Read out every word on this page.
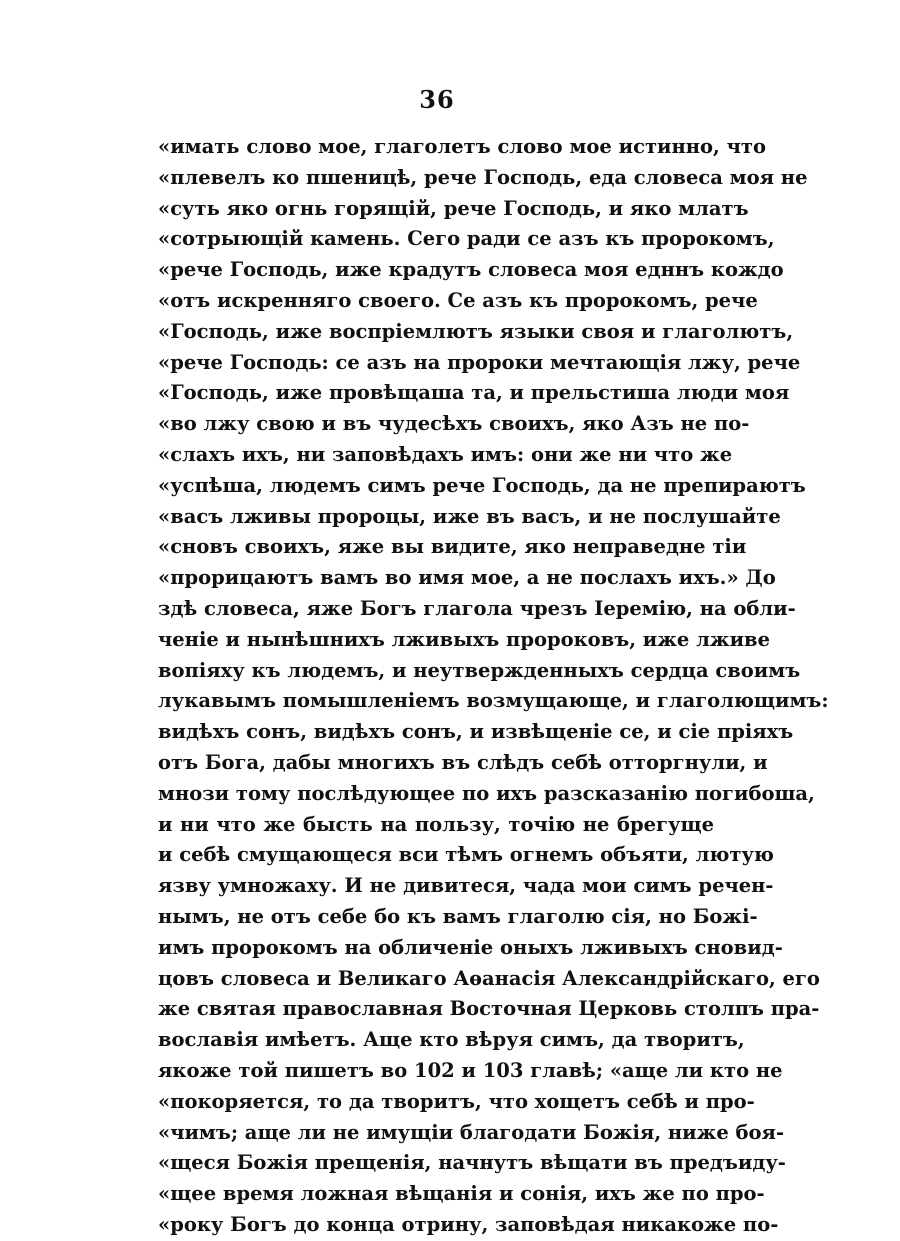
36
«имать слово мое, глаголетъ слово мое истинно, что
«плевелъ ко пшеницѣ, рече Господь, еда словеса моя не
«суть яко огнь горящій, рече Господь, и яко млатъ
«сотрыющій камень. Сего ради се азъ къ пророкомъ,
«рече Господь, иже крадутъ словеса моя едннъ кождо
«отъ искренняго своего. Се азъ къ пророкомъ, рече
«Господь, иже воспріемлютъ языки своя и глаголютъ,
«рече Господь: се азъ на пророки мечтающія лжу, рече
«Господь, иже провѣщаша та, и прельстиша люди моя
«во лжу свою и въ чудесѣхъ своихъ, яко Азъ не по-
«слахъ ихъ, ни заповѣдахъ имъ: они же ни что же
«успѣша, людемъ симъ рече Господь, да не препираютъ
«васъ лживы пророцы, иже въ васъ, и не послушайте
«сновъ своихъ, яже вы видите, яко неправедне тіи
«прорицаютъ вамъ во имя мое, а не послахъ ихъ.» До
здѣ словеса, яже Богъ глагола чрезъ Іеремію, на обли-
ченіе и нынѣшнихъ лживыхъ пророковъ, иже лживе
вопіяху къ людемъ, и неутвержденныхъ сердца своимъ
лукавымъ помышленіемъ возмущающе, и глаголющимъ:
видѣхъ сонъ, видѣхъ сонъ, и извѣщеніе се, и сіе пріяхъ
отъ Бога, дабы многихъ въ слѣдъ себѣ отторгнули, и
мнози тому послѣдующее по ихъ разсказанію погибоша,
и ни что же бысть на пользу, точію не брегуще
и себѣ смущающеся вси тѣмъ огнемъ объяти, лютую
язву умножаху. И не дивитеся, чада мои симъ речен-
нымъ, не отъ себе бо къ вамъ глаголю сія, но Божі-
имъ пророкомъ на обличеніе оныхъ лживыхъ сновид-
цовъ словеса и Великаго Аѳанасія Александрійскаго, его
же святая православная Восточная Церковь столпъ пра-
вославія имѣетъ. Аще кто вѣруя симъ, да творитъ,
якоже той пишетъ во 102 и 103 главѣ; «аще ли кто не
«покоряется, то да творитъ, что хощетъ себѣ и про-
«чимъ; аще ли не имущіи благодати Божія, ниже боя-
«щеся Божія прещенія, начнутъ вѣщати въ предъиду-
«щее время ложная вѣщанія и сонія, ихъ же по про-
«року Богъ до конца отрину, заповѣдая никакоже по-
